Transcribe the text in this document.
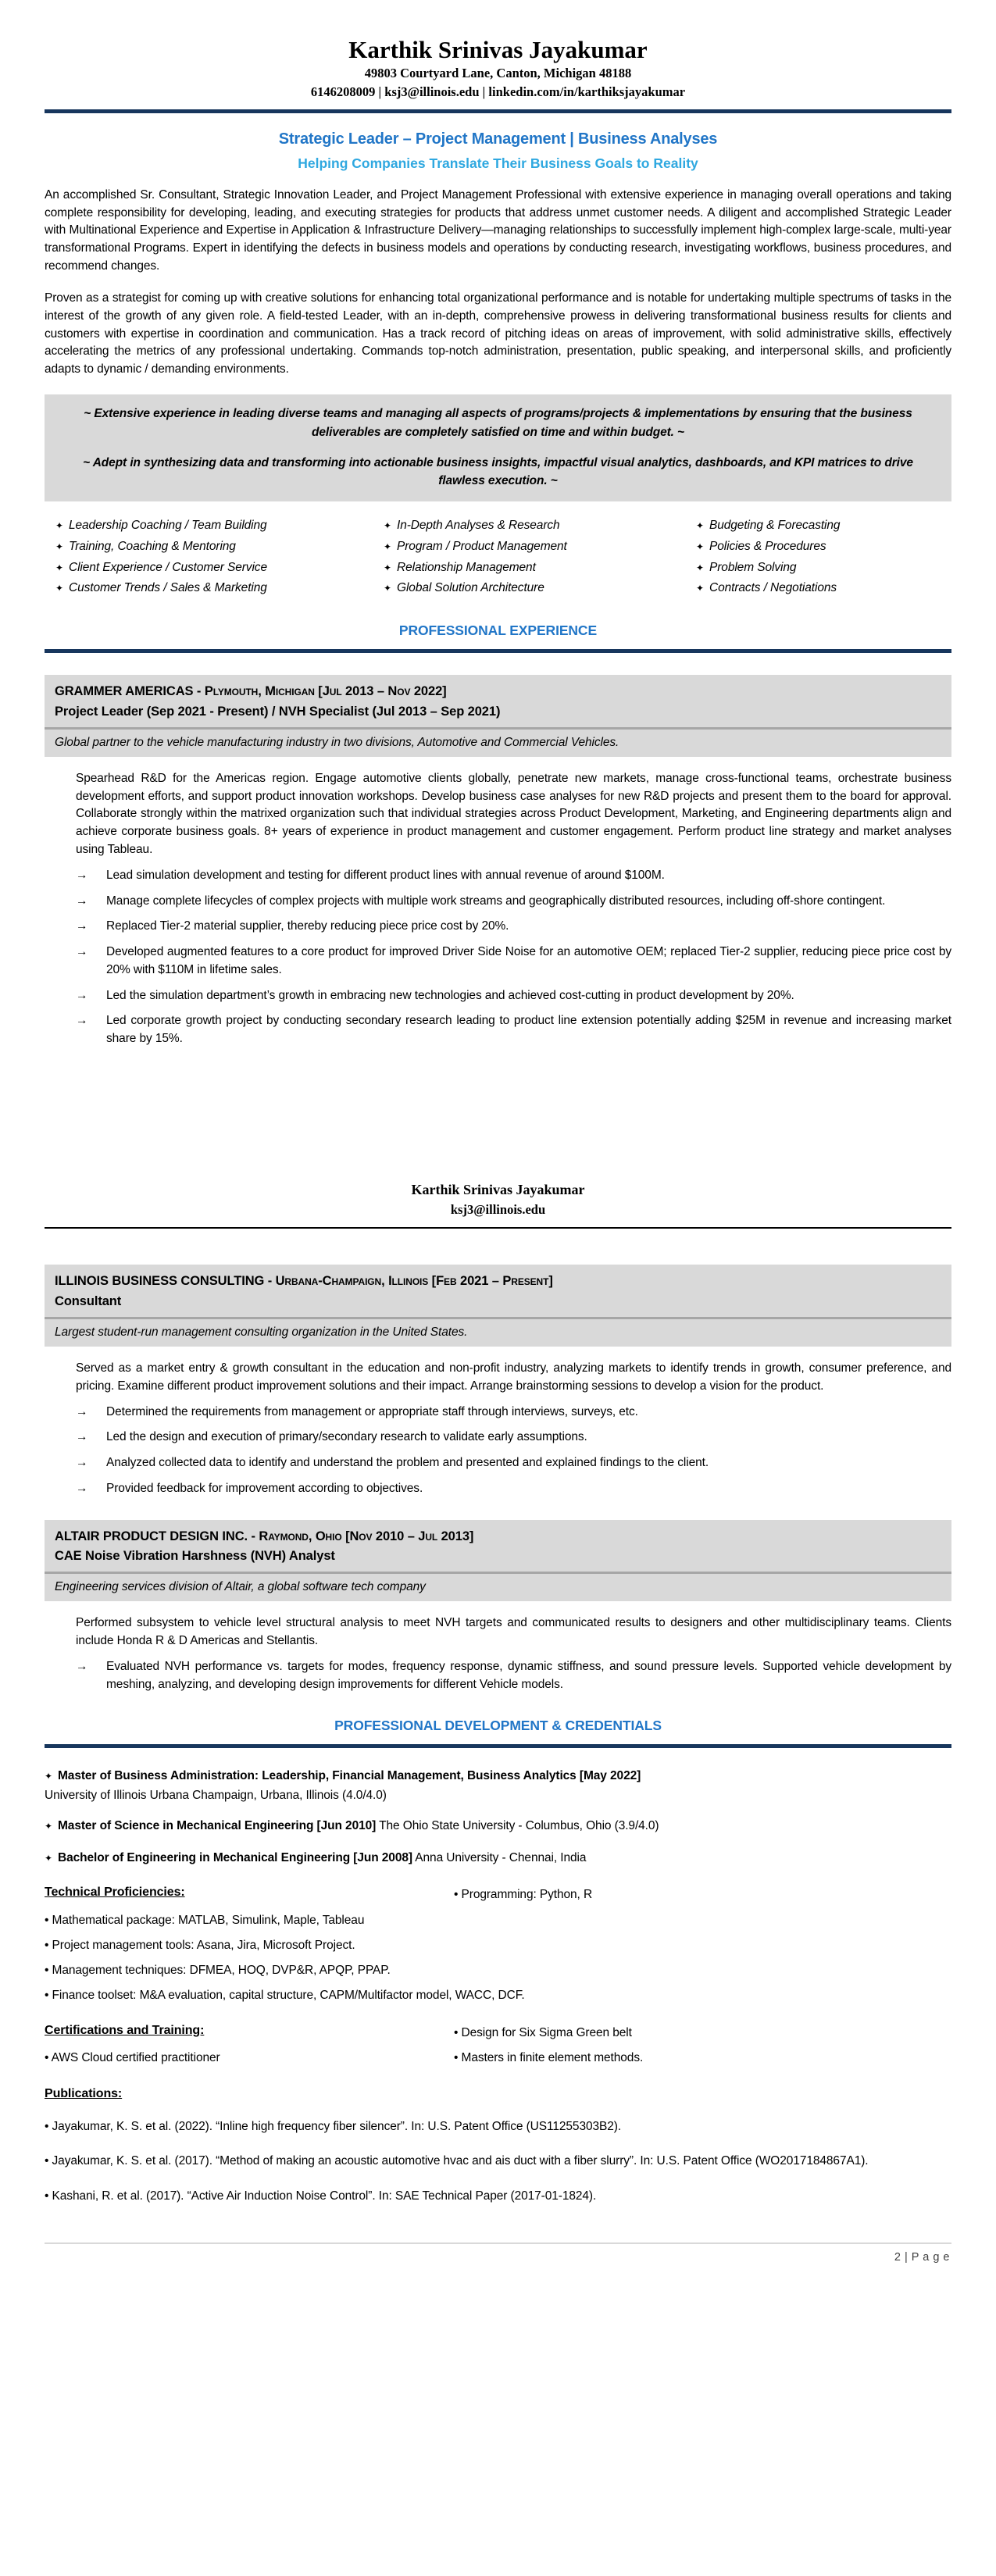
Karthik Srinivas Jayakumar
49803 Courtyard Lane, Canton, Michigan 48188
6146208009 | ksj3@illinois.edu | linkedin.com/in/karthiksjayakumar
Strategic Leader – Project Management | Business Analyses
Helping Companies Translate Their Business Goals to Reality
An accomplished Sr. Consultant, Strategic Innovation Leader, and Project Management Professional with extensive experience in managing overall operations and taking complete responsibility for developing, leading, and executing strategies for products that address unmet customer needs. A diligent and accomplished Strategic Leader with Multinational Experience and Expertise in Application & Infrastructure Delivery—managing relationships to successfully implement high-complex large-scale, multi-year transformational Programs. Expert in identifying the defects in business models and operations by conducting research, investigating workflows, business procedures, and recommend changes.
Proven as a strategist for coming up with creative solutions for enhancing total organizational performance and is notable for undertaking multiple spectrums of tasks in the interest of the growth of any given role. A field-tested Leader, with an in-depth, comprehensive prowess in delivering transformational business results for clients and customers with expertise in coordination and communication. Has a track record of pitching ideas on areas of improvement, with solid administrative skills, effectively accelerating the metrics of any professional undertaking. Commands top-notch administration, presentation, public speaking, and interpersonal skills, and proficiently adapts to dynamic / demanding environments.
~ Extensive experience in leading diverse teams and managing all aspects of programs/projects & implementations by ensuring that the business deliverables are completely satisfied on time and within budget. ~
~ Adept in synthesizing data and transforming into actionable business insights, impactful visual analytics, dashboards, and KPI matrices to drive flawless execution. ~
✦ Leadership Coaching / Team Building
✦ Training, Coaching & Mentoring
✦ Client Experience / Customer Service
✦ Customer Trends / Sales & Marketing
✦ In-Depth Analyses & Research
✦ Program / Product Management
✦ Relationship Management
✦ Global Solution Architecture
✦ Budgeting & Forecasting
✦ Policies & Procedures
✦ Problem Solving
✦ Contracts / Negotiations
PROFESSIONAL EXPERIENCE
GRAMMER AMERICAS - Plymouth, Michigan [Jul 2013 – Nov 2022]
Project Leader (Sep 2021 - Present) / NVH Specialist (Jul 2013 – Sep 2021)
Global partner to the vehicle manufacturing industry in two divisions, Automotive and Commercial Vehicles.
Spearhead R&D for the Americas region. Engage automotive clients globally, penetrate new markets, manage cross-functional teams, orchestrate business development efforts, and support product innovation workshops. Develop business case analyses for new R&D projects and present them to the board for approval. Collaborate strongly within the matrixed organization such that individual strategies across Product Development, Marketing, and Engineering departments align and achieve corporate business goals. 8+ years of experience in product management and customer engagement. Perform product line strategy and market analyses using Tableau.
→	Lead simulation development and testing for different product lines with annual revenue of around $100M.
→	Manage complete lifecycles of complex projects with multiple work streams and geographically distributed resources, including off-shore contingent.
→	Replaced Tier-2 material supplier, thereby reducing piece price cost by 20%.
→	Developed augmented features to a core product for improved Driver Side Noise for an automotive OEM; replaced Tier-2 supplier, reducing piece price cost by 20% with $110M in lifetime sales.
→	Led the simulation department’s growth in embracing new technologies and achieved cost-cutting in product development by 20%.
→	Led corporate growth project by conducting secondary research leading to product line extension potentially adding $25M in revenue and increasing market share by 15%.
Karthik Srinivas Jayakumar
ksj3@illinois.edu
ILLINOIS BUSINESS CONSULTING - Urbana-Champaign, Illinois [Feb 2021 – Present]
Consultant
Largest student-run management consulting organization in the United States.
Served as a market entry & growth consultant in the education and non-profit industry, analyzing markets to identify trends in growth, consumer preference, and pricing. Examine different product improvement solutions and their impact. Arrange brainstorming sessions to develop a vision for the product.
→	Determined the requirements from management or appropriate staff through interviews, surveys, etc.
→	Led the design and execution of primary/secondary research to validate early assumptions.
→	Analyzed collected data to identify and understand the problem and presented and explained findings to the client.
→	Provided feedback for improvement according to objectives.
ALTAIR PRODUCT DESIGN INC. - Raymond, Ohio [Nov 2010 – Jul 2013]
CAE Noise Vibration Harshness (NVH) Analyst
Engineering services division of Altair, a global software tech company
Performed subsystem to vehicle level structural analysis to meet NVH targets and communicated results to designers and other multidisciplinary teams. Clients include Honda R & D Americas and Stellantis.
→	Evaluated NVH performance vs. targets for modes, frequency response, dynamic stiffness, and sound pressure levels. Supported vehicle development by meshing, analyzing, and developing design improvements for different Vehicle models.
PROFESSIONAL DEVELOPMENT & CREDENTIALS
✦ Master of Business Administration: Leadership, Financial Management, Business Analytics [May 2022]
University of Illinois Urbana Champaign, Urbana, Illinois (4.0/4.0)
✦ Master of Science in Mechanical Engineering [Jun 2010] The Ohio State University - Columbus, Ohio (3.9/4.0)
✦ Bachelor of Engineering in Mechanical Engineering [Jun 2008] Anna University - Chennai, India
Technical Proficiencies:	• Programming: Python, R
• Mathematical package: MATLAB, Simulink, Maple, Tableau
• Project management tools: Asana, Jira, Microsoft Project.
• Management techniques: DFMEA, HOQ, DVP&R, APQP, PPAP.
• Finance toolset: M&A evaluation, capital structure, CAPM/Multifactor model, WACC, DCF.
Certifications and Training:	• Design for Six Sigma Green belt
• AWS Cloud certified practitioner	• Masters in finite element methods.
Publications:
• Jayakumar, K. S. et al. (2022). “Inline high frequency fiber silencer”. In: U.S. Patent Office (US11255303B2).
• Jayakumar, K. S. et al. (2017). “Method of making an acoustic automotive hvac and ais duct with a fiber slurry”. In: U.S. Patent Office (WO2017184867A1).
• Kashani, R. et al. (2017). “Active Air Induction Noise Control”. In: SAE Technical Paper (2017-01-1824).
2 | P a g e
